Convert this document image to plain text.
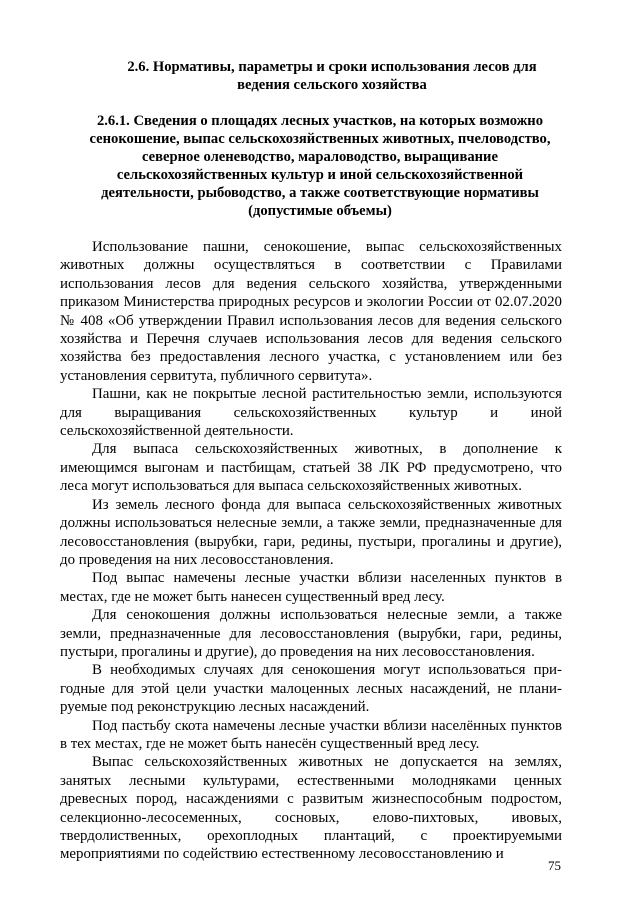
2.6. Нормативы, параметры и сроки использования лесов для ведения сельского хозяйства
2.6.1. Сведения о площадях лесных участков, на которых возможно сенокошение, выпас сельскохозяйственных животных, пчеловодство, северное оленеводство, мараловодство, выращивание сельскохозяйственных культур и иной сельскохозяйственной деятельности, рыбоводство, а также соответствующие нормативы (допустимые объемы)

Использование пашни, сенокошение, выпас сельскохозяйственных животных должны осуществляться в соответствии с Правилами использования лесов для ведения сельского хозяйства, утвержденными приказом Министерства природных ресурсов и экологии России от 02.07.2020 № 408 «Об утверждении Правил использования лесов для ведения сельского хозяйства и Перечня случаев использования лесов для ведения сельского хозяйства без предоставления лесного участка, с установлением или без установления сервитута, публичного сервитута».

Пашни, как не покрытые лесной растительностью земли, используются для выращивания сельскохозяйственных культур и иной сельскохозяйственной деятельности.

Для выпаса сельскохозяйственных животных, в дополнение к имеющимся выгонам и пастбищам, статьей 38 ЛК РФ предусмотрено, что леса могут использоваться для выпаса сельскохозяйственных животных.

Из земель лесного фонда для выпаса сельскохозяйственных животных должны использоваться нелесные земли, а также земли, предназначенные для лесовосстановления (вырубки, гари, редины, пустыри, прогалины и другие), до проведения на них лесовосстановления.

Под выпас намечены лесные участки вблизи населенных пунктов в местах, где не может быть нанесен существенный вред лесу.

Для сенокошения должны использоваться нелесные земли, а также земли, предназначенные для лесовосстановления (вырубки, гари, редины, пустыри, прогалины и другие), до проведения на них лесовосстановления.

В необходимых случаях для сенокошения могут использоваться пригодные для этой цели участки малоценных лесных насаждений, не планируемые под реконструкцию лесных насаждений.

Под пастьбу скота намечены лесные участки вблизи населённых пунктов в тех местах, где не может быть нанесён существенный вред лесу.

Выпас сельскохозяйственных животных не допускается на землях, занятых лесными культурами, естественными молодняками ценных древесных пород, насаждениями с развитым жизнеспособным подростом, селекционно-лесосеменных, сосновых, елово-пихтовых, ивовых, твердолиственных, орехоплодных плантаций, с проектируемыми мероприятиями по содействию естественному лесовосстановлению и

75
